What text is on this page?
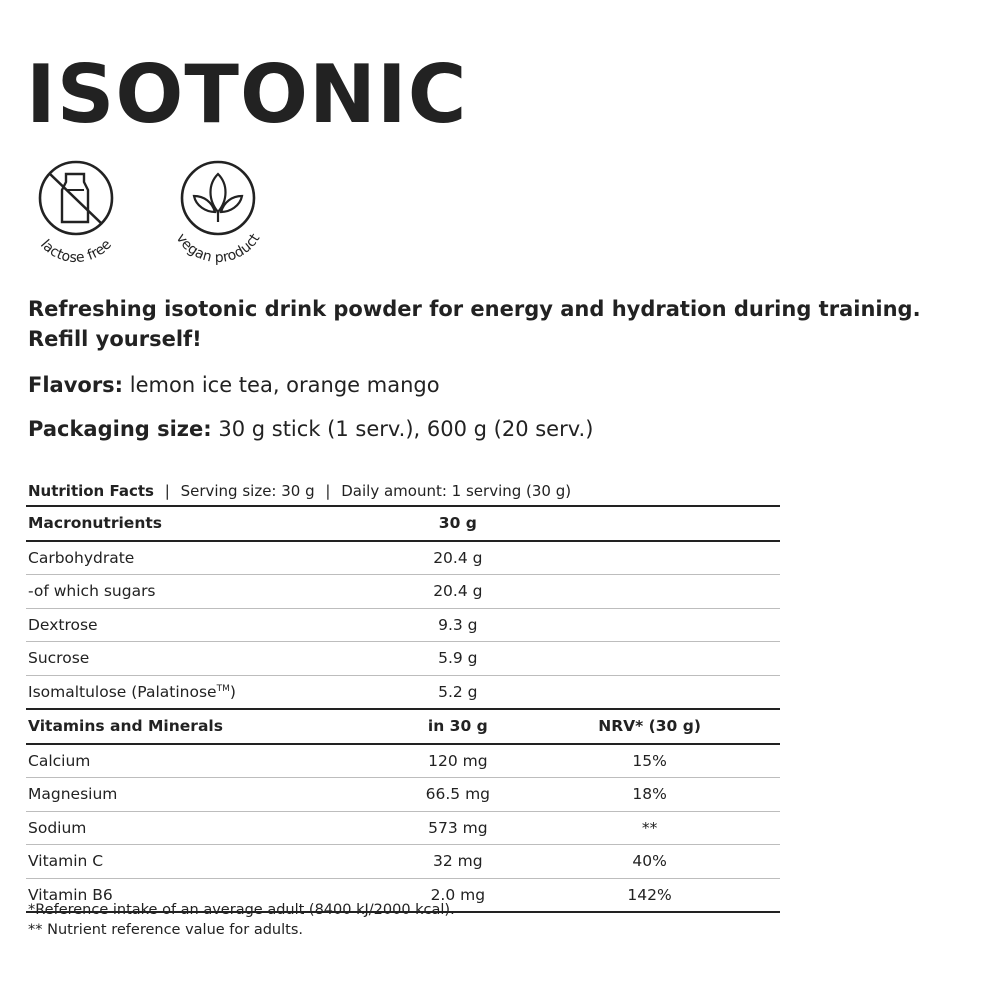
ISOTONIC
lactose free	vegan product
Refreshing isotonic drink powder for energy and hydration during training.
Refill yourself!
Flavors: lemon ice tea, orange mango
Packaging size: 30 g stick (1 serv.), 600 g (20 serv.)
Nutrition Facts | Serving size: 30 g | Daily amount: 1 serving (30 g)
Macronutrients	30 g	
Carbohydrate	20.4 g	
-of which sugars	20.4 g	
Dextrose	9.3 g	
Sucrose	5.9 g	
Isomaltulose (Palatinose™)	5.2 g	
Vitamins and Minerals	in 30 g	NRV* (30 g)
Calcium	120 mg	15%
Magnesium	66.5 mg	18%
Sodium	573 mg	**
Vitamin C	32 mg	40%
Vitamin B6	2.0 mg	142%
*Reference intake of an average adult (8400 kJ/2000 kcal).
** Nutrient reference value for adults.
